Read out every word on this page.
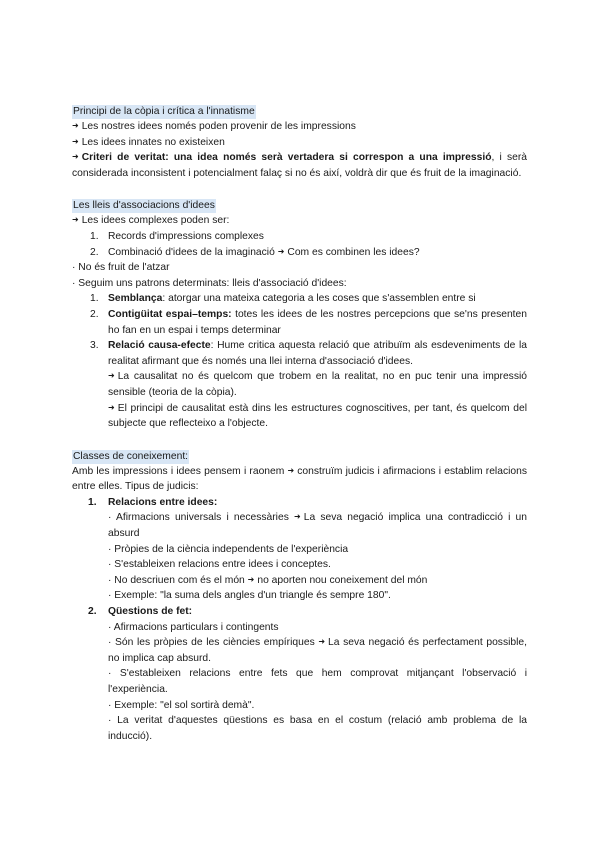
Principi de la còpia i crítica a l'innatisme
➜ Les nostres idees només poden provenir de les impressions
➜ Les idees innates no existeixen
➜ Criteri de veritat: una idea només serà vertadera si correspon a una impressió, i serà considerada inconsistent i potencialment falaç si no és així, voldrà dir que és fruit de la imaginació.
Les lleis d'associacions d'idees
➜ Les idees complexes poden ser:
1. Records d'impressions complexes
2. Combinació d'idees de la imaginació ➜ Com es combinen les idees?
· No és fruit de l'atzar
· Seguim uns patrons determinats: lleis d'associació d'idees:
1. Semblança: atorgar una mateixa categoria a les coses que s'assemblen entre si
2. Contigüitat espai–temps: totes les idees de les nostres percepcions que se'ns presenten ho fan en un espai i temps determinar
3. Relació causa-efecte: Hume critica aquesta relació que atribuïm als esdeveniments de la realitat afirmant que és només una llei interna d'associació d'idees.
➜ La causalitat no és quelcom que trobem en la realitat, no en puc tenir una impressió sensible (teoria de la còpia).
➜ El principi de causalitat està dins les estructures cognoscitives, per tant, és quelcom del subjecte que reflecteixo a l'objecte.
Classes de coneixement:
Amb les impressions i idees pensem i raonem ➜ construïm judicis i afirmacions i establim relacions entre elles. Tipus de judicis:
1. Relacions entre idees:
· Afirmacions universals i necessàries ➜ La seva negació implica una contradicció i un absurd
· Pròpies de la ciència independents de l'experiència
· S'estableixen relacions entre idees i conceptes.
· No descriuen com és el món ➜ no aporten nou coneixement del món
· Exemple: "la suma dels angles d'un triangle és sempre 180".
2. Qüestions de fet:
· Afirmacions particulars i contingents
· Són les pròpies de les ciències empíriques ➜ La seva negació és perfectament possible, no implica cap absurd.
· S'estableixen relacions entre fets que hem comprovat mitjançant l'observació i l'experiència.
· Exemple: "el sol sortirà demà".
· La veritat d'aquestes qüestions es basa en el costum (relació amb problema de la inducció).
